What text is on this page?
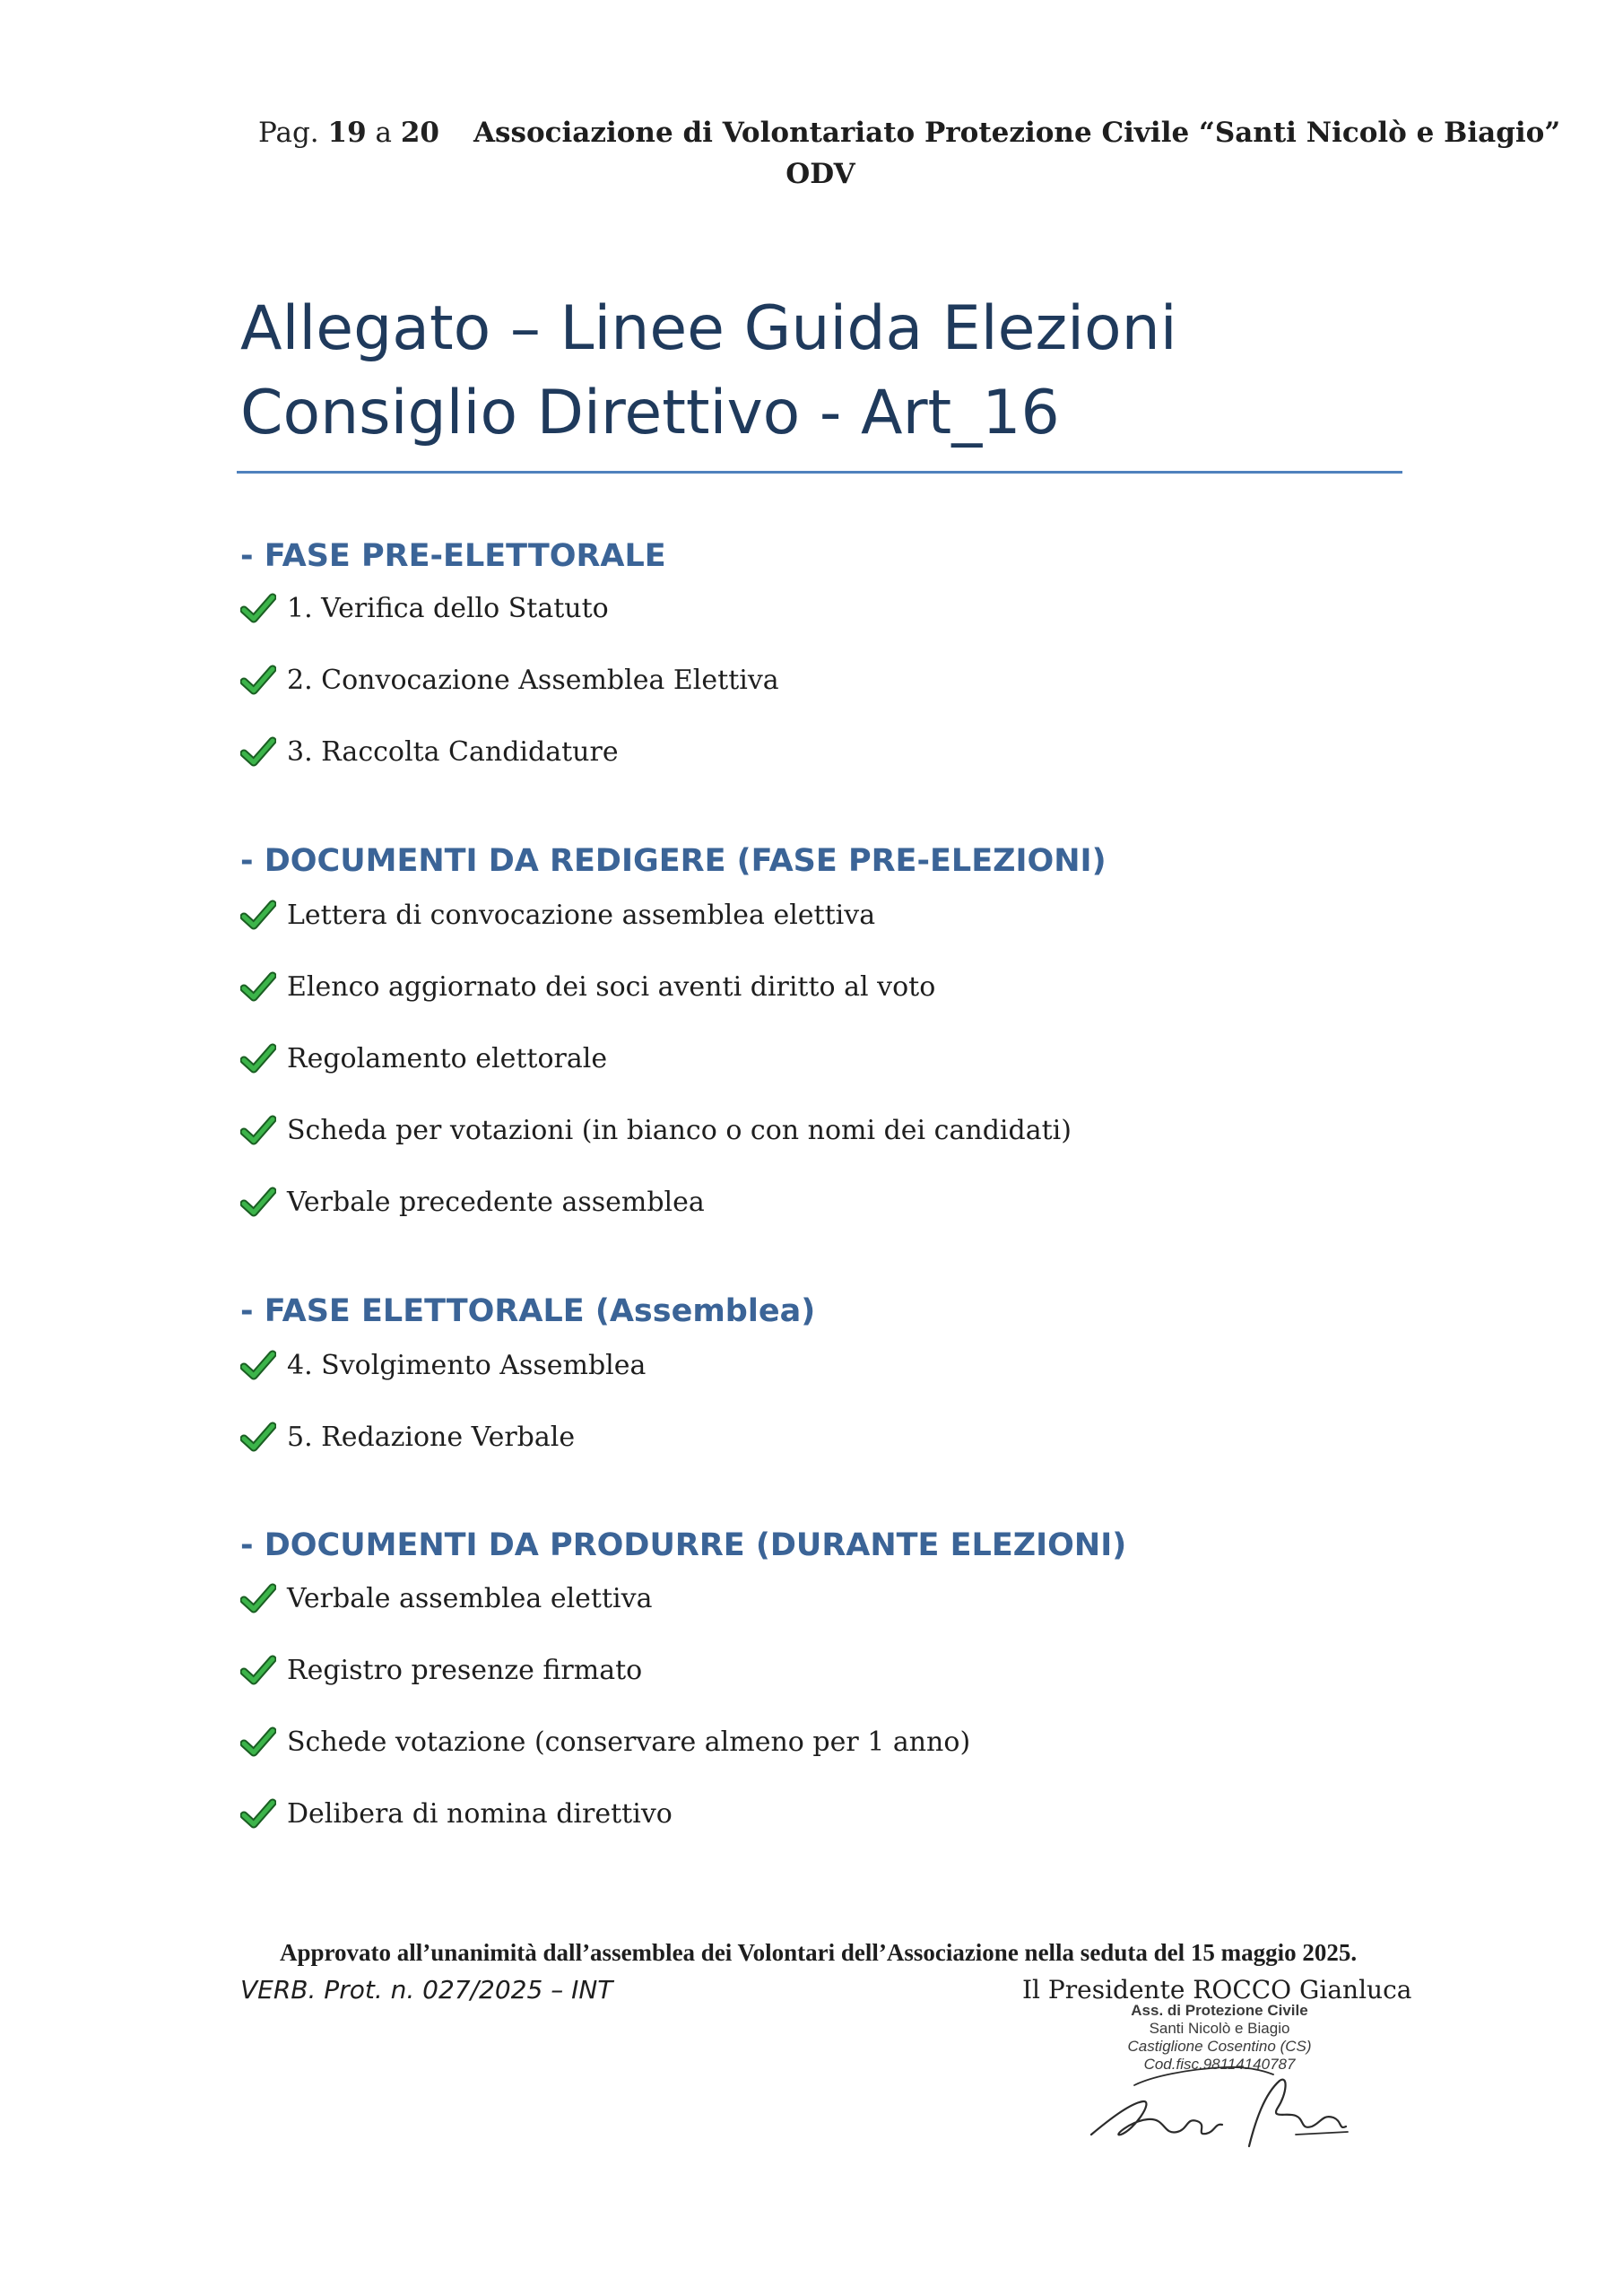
Pag. 19 a 20 Associazione di Volontariato Protezione Civile “Santi Nicolò e Biagio”
ODV
Allegato – Linee Guida Elezioni
Consiglio Direttivo - Art_16
- FASE PRE-ELETTORALE
1. Verifica dello Statuto
2. Convocazione Assemblea Elettiva
3. Raccolta Candidature
- DOCUMENTI DA REDIGERE (FASE PRE-ELEZIONI)
Lettera di convocazione assemblea elettiva
Elenco aggiornato dei soci aventi diritto al voto
Regolamento elettorale
Scheda per votazioni (in bianco o con nomi dei candidati)
Verbale precedente assemblea
- FASE ELETTORALE (Assemblea)
4. Svolgimento Assemblea
5. Redazione Verbale
- DOCUMENTI DA PRODURRE (DURANTE ELEZIONI)
Verbale assemblea elettiva
Registro presenze firmato
Schede votazione (conservare almeno per 1 anno)
Delibera di nomina direttivo
Approvato all’unanimità dall’assemblea dei Volontari dell’Associazione nella seduta del 15 maggio 2025.
VERB. Prot. n. 027/2025 – INT	Il Presidente ROCCO Gianluca
Ass. di Protezione Civile
Santi Nicolò e Biagio
Castiglione Cosentino (CS)
Cod.fisc.98114140787
